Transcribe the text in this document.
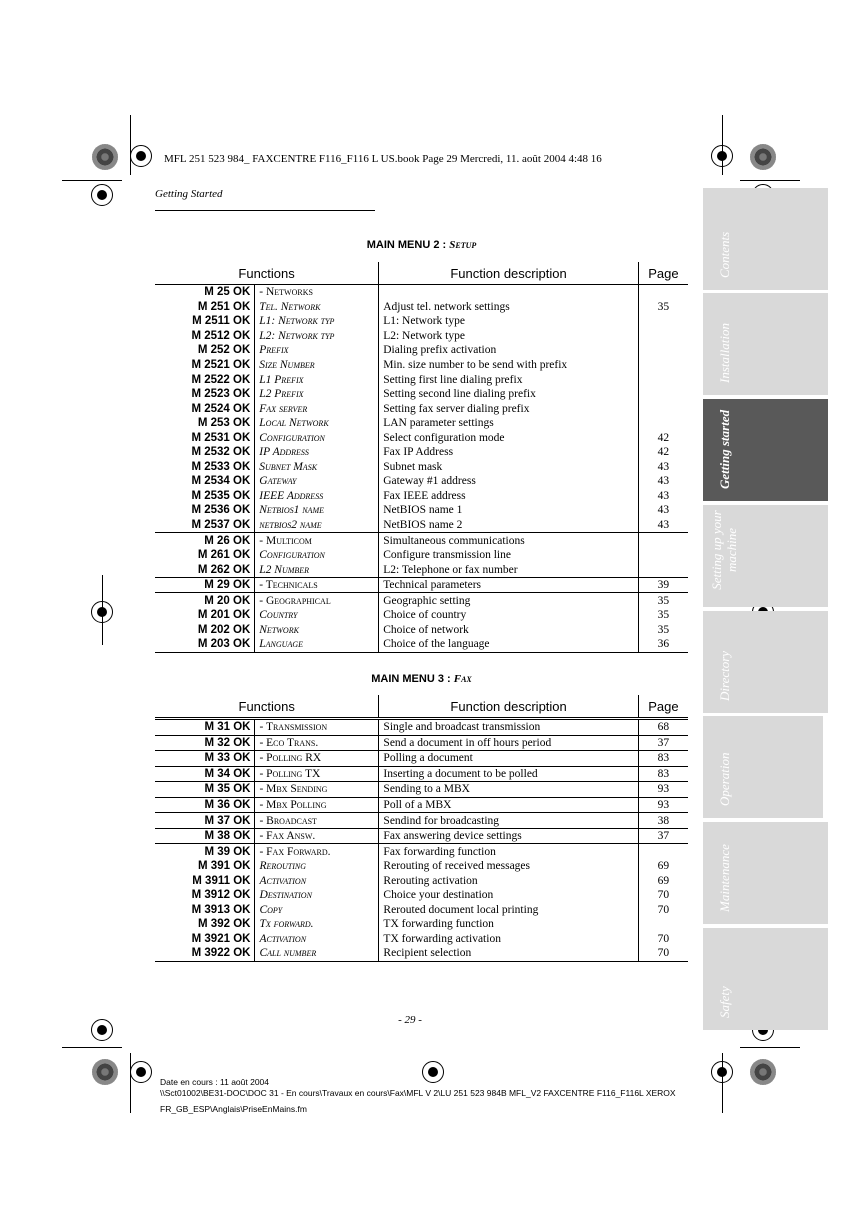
MFL 251 523 984_ FAXCENTRE F116_F116 L US.book Page 29 Mercredi, 11. août 2004 4:48 16
Getting Started
MAIN MENU 2 : Setup
Functions		Function description	Page
M 25 OK	- Networks		
M 251 OK	Tel. Network	Adjust tel. network settings	35
M 2511 OK	L1: Network typ	L1: Network type	
M 2512 OK	L2: Network typ	L2: Network type	
M 252 OK	Prefix	Dialing prefix activation	
M 2521 OK	Size Number	Min. size number to be send with prefix	
M 2522 OK	L1 Prefix	Setting first line dialing prefix	
M 2523 OK	L2 Prefix	Setting second line dialing prefix	
M 2524 OK	Fax server	Setting fax server dialing prefix	
M 253 OK	Local Network	LAN parameter settings	
M 2531 OK	Configuration	Select configuration mode	42
M 2532 OK	IP Address	Fax IP Address	42
M 2533 OK	Subnet Mask	Subnet mask	43
M 2534 OK	Gateway	Gateway #1 address	43
M 2535 OK	IEEE Address	Fax IEEE address	43
M 2536 OK	Netbios1 name	NetBIOS name 1	43
M 2537 OK	netbios2 name	NetBIOS name 2	43
M 26 OK	- Multicom	Simultaneous communications	
M 261 OK	Configuration	Configure transmission line	
M 262 OK	L2 Number	L2: Telephone or fax number	
M 29 OK	- Technicals	Technical parameters	39
M 20 OK	- Geographical	Geographic setting	35
M 201 OK	Country	Choice of country	35
M 202 OK	Network	Choice of network	35
M 203 OK	Language	Choice of the language	36
MAIN MENU 3 : Fax
Functions		Function description	Page
M 31 OK	- Transmission	Single and broadcast transmission	68
M 32 OK	- Eco Trans.	Send a document in off hours period	37
M 33 OK	- Polling RX	Polling a document	83
M 34 OK	- Polling TX	Inserting a document to be polled	83
M 35 OK	- Mbx Sending	Sending to a MBX	93
M 36 OK	- Mbx Polling	Poll of a MBX	93
M 37 OK	- Broadcast	Sendind for broadcasting	38
M 38 OK	- Fax Answ.	Fax answering device settings	37
M 39 OK	- Fax Forward.	Fax forwarding function	
M 391 OK	Rerouting	Rerouting of received messages	69
M 3911 OK	Activation	Rerouting activation	69
M 3912 OK	Destination	Choice your destination	70
M 3913 OK	Copy	Rerouted document local printing	70
M 392 OK	Tx forward.	TX forwarding function	
M 3921 OK	Activation	TX forwarding activation	70
M 3922 OK	Call number	Recipient selection	70
Contents
Installation
Getting started
Setting up your machine
Directory
Operation
Maintenance
Safety
- 29 -
Date en cours : 11 août 2004
\\Sct01002\BE31-DOC\DOC 31 - En cours\Travaux en cours\Fax\MFL V 2\LU 251 523 984B MFL_V2 FAXCENTRE F116_F116L XEROX
FR_GB_ESP\Anglais\PriseEnMains.fm
